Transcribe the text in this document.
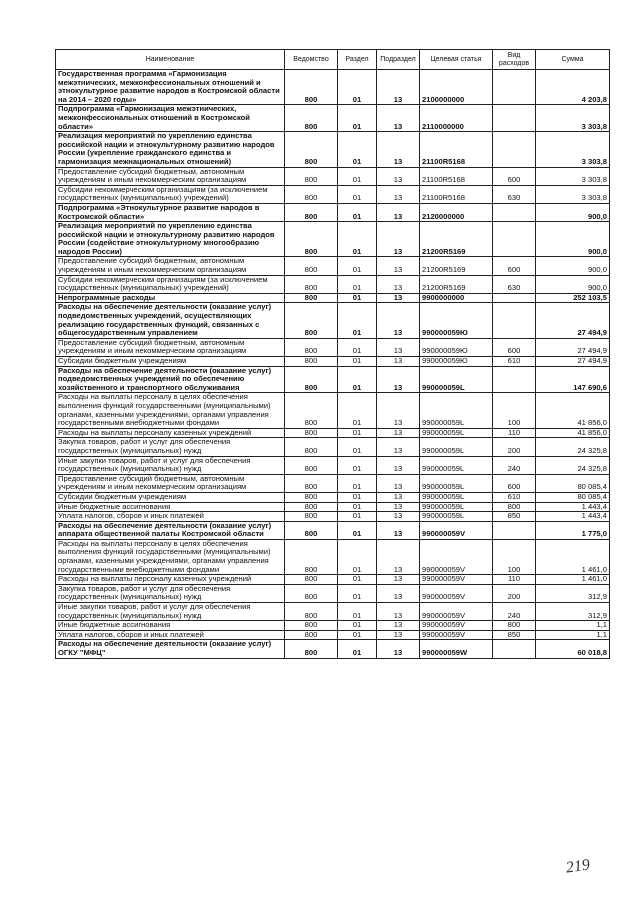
Наименование	Ведомство	Раздел	Подраздел	Целевая статья	Вид расходов	Сумма
Государственная программа «Гармонизация межэтнических, межконфессиональных отношений и этнокультурное развитие народов в Костромской области на 2014 – 2020 годы»	800	01	13	2100000000		4 203,8
Подпрограмма «Гармонизация межэтнических, межконфессиональных отношений в Костромской области»	800	01	13	2110000000		3 303,8
Реализация мероприятий по укреплению единства российской нации и этнокультурному развитию народов России (укрепление гражданского единства и гармонизация межнациональных отношений)	800	01	13	21100R5168		3 303,8
Предоставление субсидий бюджетным, автономным учреждениям и иным некоммерческим организациям	800	01	13	21100R5168	600	3 303,8
Субсидии некоммерческим организациям (за исключением государственных (муниципальных) учреждений)	800	01	13	21100R5168	630	3 303,8
Подпрограмма «Этнокультурное развитие народов в Костромской области»	800	01	13	2120000000		900,0
Реализация мероприятий по укреплению единства российской нации и этнокультурному развитию народов России (содействие этнокультурному многообразию народов России)	800	01	13	21200R5169		900,0
Предоставление субсидий бюджетным, автономным учреждениям и иным некоммерческим организациям	800	01	13	21200R5169	600	900,0
Субсидии некоммерческим организациям (за исключением государственных (муниципальных) учреждений)	800	01	13	21200R5169	630	900,0
Непрограммные расходы	800	01	13	9900000000		252 103,5
Расходы на обеспечение деятельности (оказание услуг) подведомственных учреждений, осуществляющих реализацию государственных функций, связанных с общегосударственным управлением	800	01	13	990000059Ю		27 494,9
Предоставление субсидий бюджетным, автономным учреждениям и иным некоммерческим организациям	800	01	13	990000059Ю	600	27 494,9
Субсидии бюджетным учреждениям	800	01	13	990000059Ю	610	27 494,9
Расходы на обеспечение деятельности (оказание услуг) подведомственных учреждений по обеспечению хозяйственного и транспортного обслуживания	800	01	13	990000059L		147 690,6
Расходы на выплаты персоналу в целях обеспечения выполнения функций государственными (муниципальными) органами, казенными учреждениями, органами управления государственными внебюджетными фондами	800	01	13	990000059L	100	41 856,0
Расходы на выплаты персоналу казенных учреждений	800	01	13	990000059L	110	41 856,0
Закупка товаров, работ и услуг для обеспечения государственных (муниципальных) нужд	800	01	13	990000059L	200	24 325,8
Иные закупки товаров, работ и услуг для обеспечения государственных (муниципальных) нужд	800	01	13	990000059L	240	24 325,8
Предоставление субсидий бюджетным, автономным учреждениям и иным некоммерческим организациям	800	01	13	990000059L	600	80 085,4
Субсидии бюджетным учреждениям	800	01	13	990000059L	610	80 085,4
Иные бюджетные ассигнования	800	01	13	990000059L	800	1 443,4
Уплата налогов, сборов и иных платежей	800	01	13	990000059L	850	1 443,4
Расходы на обеспечение деятельности (оказание услуг) аппарата общественной палаты Костромской области	800	01	13	990000059V		1 775,0
Расходы на выплаты персоналу в целях обеспечения выполнения функций государственными (муниципальными) органами, казенными учреждениями, органами управления государственными внебюджетными фондами	800	01	13	990000059V	100	1 461,0
Расходы на выплаты персоналу казенных учреждений	800	01	13	990000059V	110	1 461,0
Закупка товаров, работ и услуг для обеспечения государственных (муниципальных) нужд	800	01	13	990000059V	200	312,9
Иные закупки товаров, работ и услуг для обеспечения государственных (муниципальных) нужд	800	01	13	990000059V	240	312,9
Иные бюджетные ассигнования	800	01	13	990000059V	800	1,1
Уплата налогов, сборов и иных платежей	800	01	13	990000059V	850	1,1
Расходы на обеспечение деятельности (оказание услуг) ОГКУ "МФЦ"	800	01	13	990000059W		60 018,8
219
